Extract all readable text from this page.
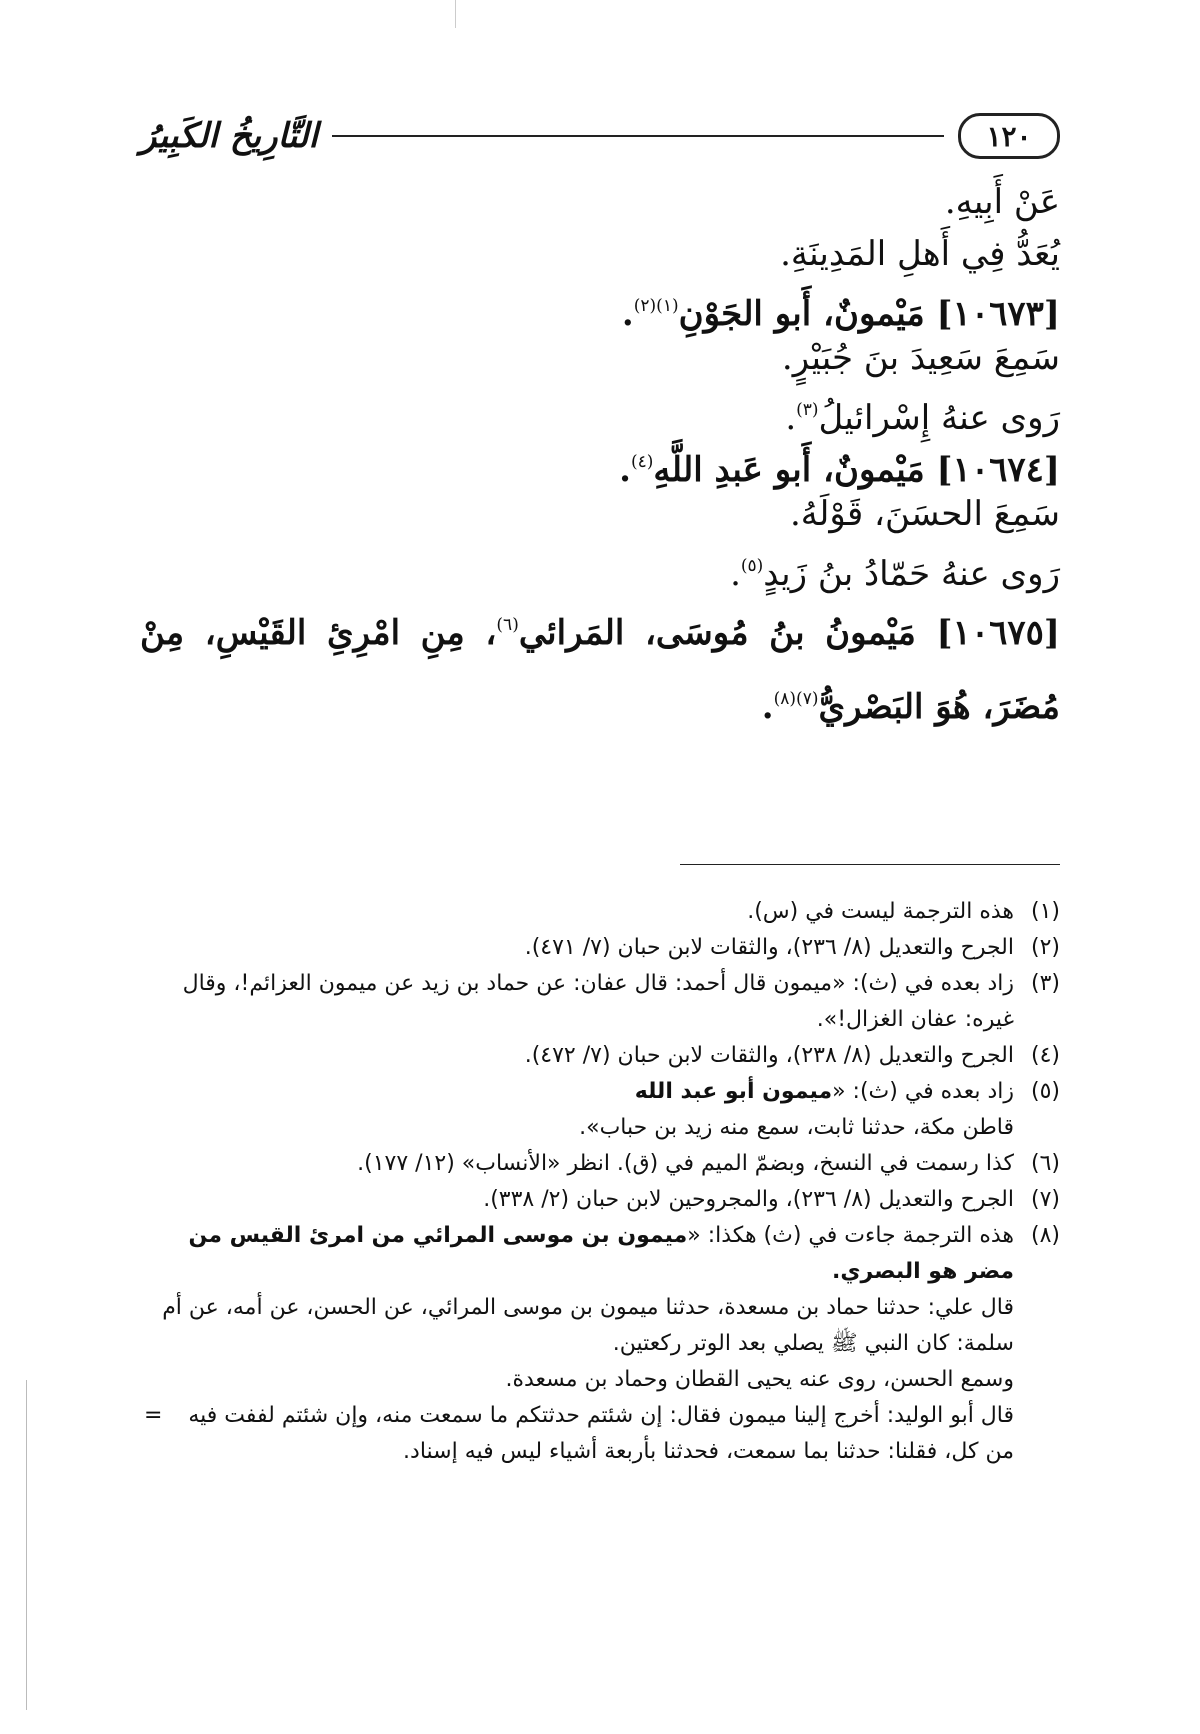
١٢٠
التَّارِيخُ الكَبِيرُ
عَنْ أَبِيهِ.
يُعَدُّ فِي أَهلِ المَدِينَةِ.
[١٠٦٧٣] مَيْمونٌ، أَبو الجَوْنِ$^{(١)(٢)}$.
سَمِعَ سَعِيدَ بنَ جُبَيْرٍ.
رَوى عنهُ إِسْرائيلُ$^{(٣)}$.
[١٠٦٧٤] مَيْمونٌ، أَبو عَبدِ اللَّهِ$^{(٤)}$.
سَمِعَ الحسَنَ، قَوْلَهُ.
رَوى عنهُ حَمّادُ بنُ زَيدٍ$^{(٥)}$.
[١٠٦٧٥] مَيْمونُ بنُ مُوسَى، المَرائي$^{(٦)}$، مِنِ امْرِئِ القَيْسِ، مِنْ مُضَرَ، هُوَ البَصْريُّ$^{(٧)(٨)}$.
(١)
هذه الترجمة ليست في (س).
(٢)
الجرح والتعديل (٨/ ٢٣٦)، والثقات لابن حبان (٧/ ٤٧١).
(٣)
زاد بعده في (ث): «ميمون قال أحمد: قال عفان: عن حماد بن زيد عن ميمون العزائم!، وقال غيره: عفان الغزال!».
(٤)
الجرح والتعديل (٨/ ٢٣٨)، والثقات لابن حبان (٧/ ٤٧٢).
(٥)
زاد بعده في (ث): «ميمون أبو عبد الله
قاطن مكة، حدثنا ثابت، سمع منه زيد بن حباب».
(٦)
كذا رسمت في النسخ، وبضمّ الميم في (ق). انظر «الأنساب» (١٢/ ١٧٧).
(٧)
الجرح والتعديل (٨/ ٢٣٦)، والمجروحين لابن حبان (٢/ ٣٣٨).
(٨)
هذه الترجمة جاءت في (ث) هكذا: «ميمون بن موسى المرائي من امرئ القيس من مضر هو البصري.
قال علي: حدثنا حماد بن مسعدة، حدثنا ميمون بن موسى المرائي، عن الحسن، عن أمه، عن أم سلمة: كان النبي ﷺ يصلي بعد الوتر ركعتين.
وسمع الحسن، روى عنه يحيى القطان وحماد بن مسعدة.
قال أبو الوليد: أخرج إلينا ميمون فقال: إن شئتم حدثتكم ما سمعت منه، وإن شئتم لففت فيه من كل، فقلنا: حدثنا بما سمعت، فحدثنا بأربعة أشياء ليس فيه إسناد.
=
